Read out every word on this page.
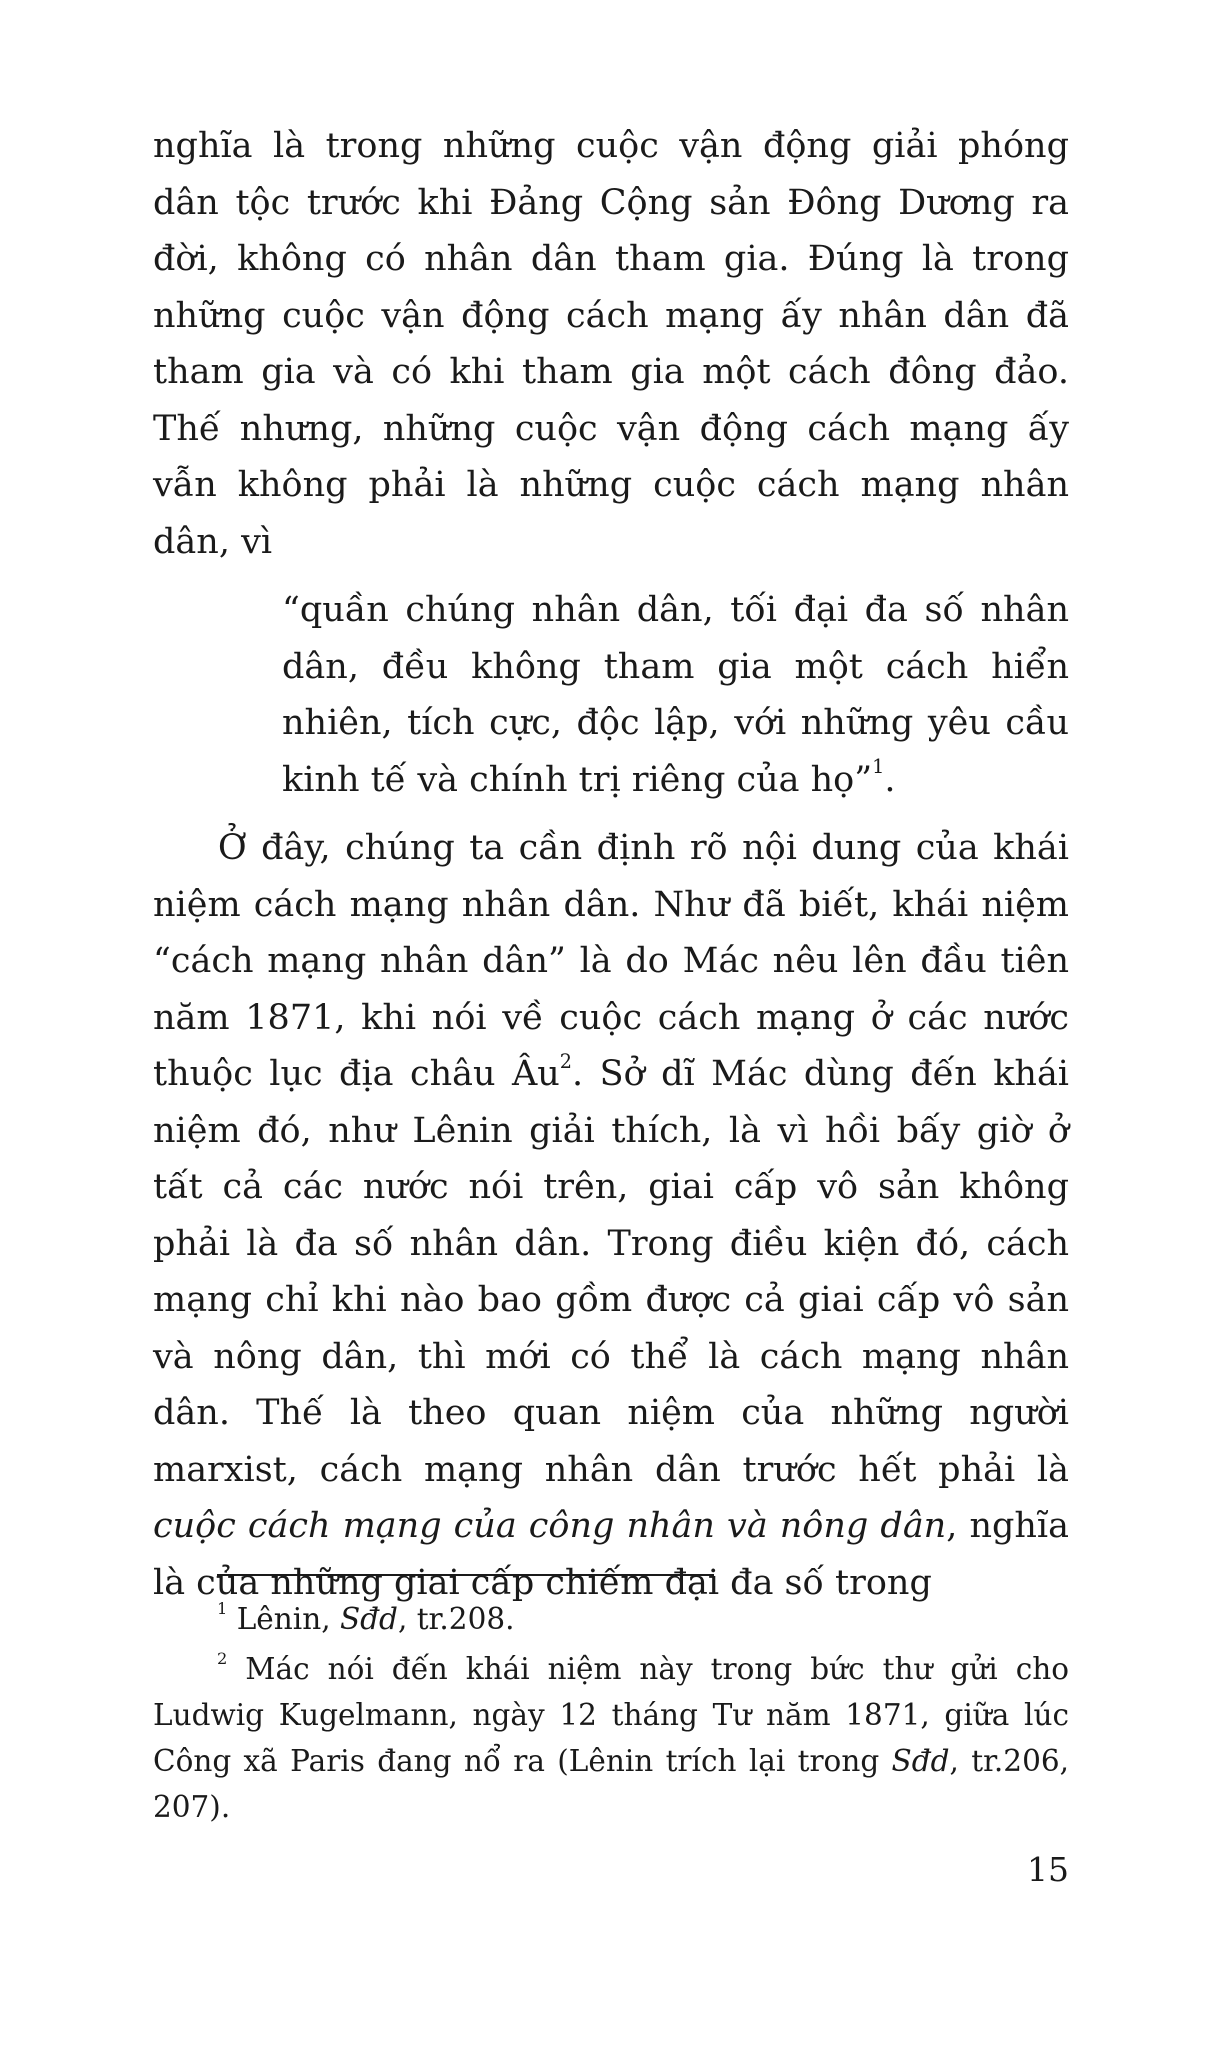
nghĩa là trong những cuộc vận động giải phóng dân tộc trước khi Đảng Cộng sản Đông Dương ra đời, không có nhân dân tham gia. Đúng là trong những cuộc vận động cách mạng ấy nhân dân đã tham gia và có khi tham gia một cách đông đảo. Thế nhưng, những cuộc vận động cách mạng ấy vẫn không phải là những cuộc cách mạng nhân dân, vì

“quần chúng nhân dân, tối đại đa số nhân dân, đều không tham gia một cách hiển nhiên, tích cực, độc lập, với những yêu cầu kinh tế và chính trị riêng của họ”$^1$.

Ở đây, chúng ta cần định rõ nội dung của khái niệm cách mạng nhân dân. Như đã biết, khái niệm “cách mạng nhân dân” là do Mác nêu lên đầu tiên năm 1871, khi nói về cuộc cách mạng ở các nước thuộc lục địa châu $Âu^2$. Sở dĩ Mác dùng đến khái niệm đó, như Lênin giải thích, là vì hồi bấy giờ ở tất cả các nước nói trên, giai cấp vô sản không phải là đa số nhân dân. Trong điều kiện đó, cách mạng chỉ khi nào bao gồm được cả giai cấp vô sản và nông dân, thì mới có thể là cách mạng nhân dân. Thế là theo quan niệm của những người marxist, cách mạng nhân dân trước hết phải là cuộc cách mạng của công nhân và nông dân, nghĩa là của những giai cấp chiếm đại đa số trong

$^1$ Lênin, Sđd, tr.208.

$^2$ Mác nói đến khái niệm này trong bức thư gửi cho Ludwig Kugelmann, ngày 12 tháng Tư năm 1871, giữa lúc Công xã Paris đang nổ ra (Lênin trích lại trong Sđd, tr.206, 207).

15
